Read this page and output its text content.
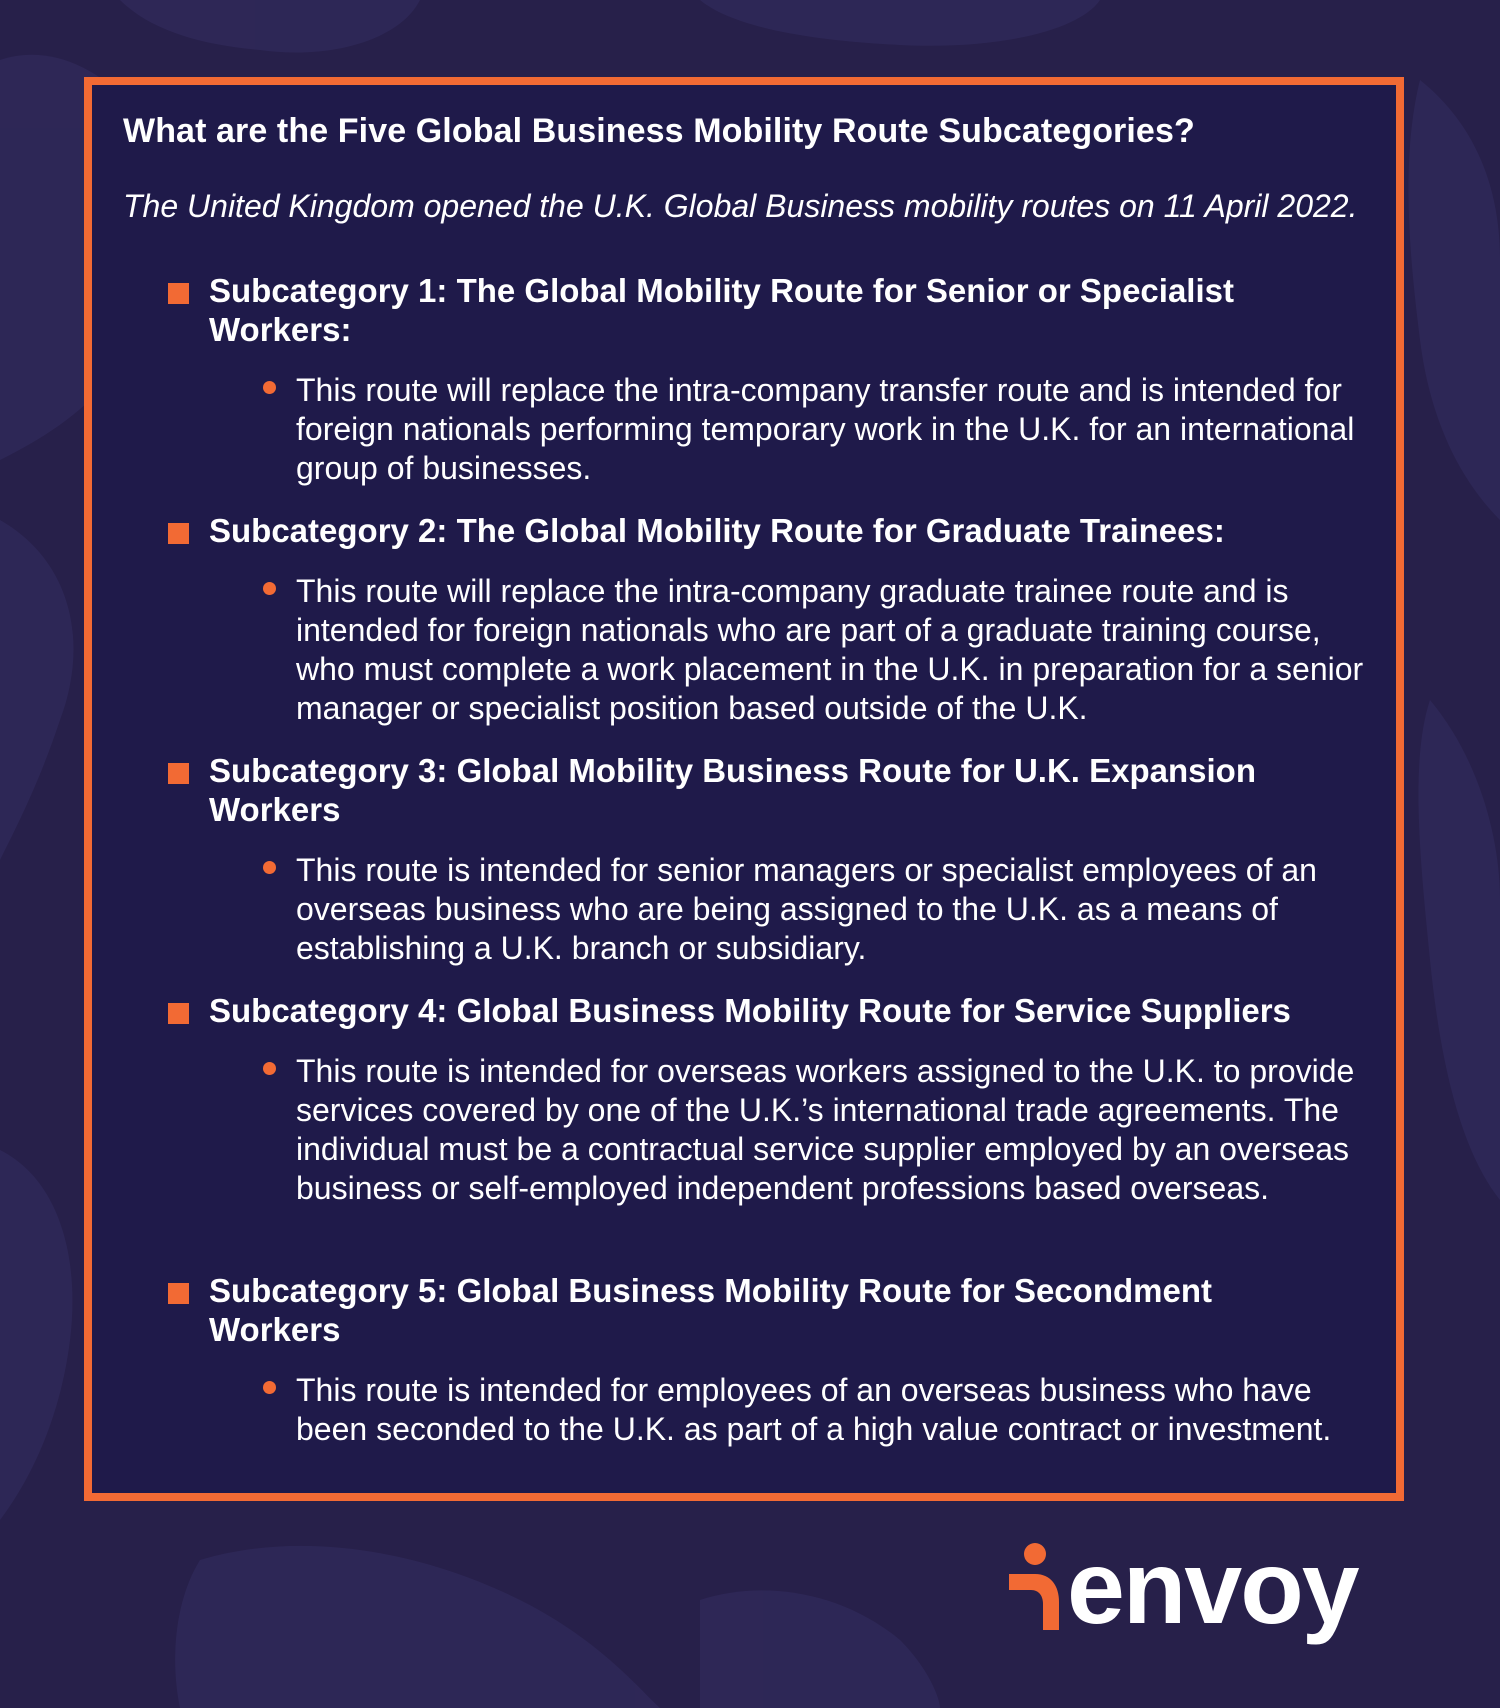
What are the Five Global Business Mobility Route Subcategories?

The United Kingdom opened the U.K. Global Business mobility routes on 11 April 2022.

Subcategory 1: The Global Mobility Route for Senior or Specialist Workers:
This route will replace the intra-company transfer route and is intended for foreign nationals performing temporary work in the U.K. for an international group of businesses.
Subcategory 2: The Global Mobility Route for Graduate Trainees:
This route will replace the intra-company graduate trainee route and is intended for foreign nationals who are part of a graduate training course, who must complete a work placement in the U.K. in preparation for a senior manager or specialist position based outside of the U.K.
Subcategory 3: Global Mobility Business Route for U.K. Expansion Workers
This route is intended for senior managers or specialist employees of an overseas business who are being assigned to the U.K. as a means of establishing a U.K. branch or subsidiary.
Subcategory 4: Global Business Mobility Route for Service Suppliers
This route is intended for overseas workers assigned to the U.K. to provide services covered by one of the U.K.’s international trade agreements. The individual must be a contractual service supplier employed by an overseas business or self-employed independent professions based overseas.
Subcategory 5: Global Business Mobility Route for Secondment Workers
This route is intended for employees of an overseas business who have been seconded to the U.K. as part of a high value contract or investment.
envoy
